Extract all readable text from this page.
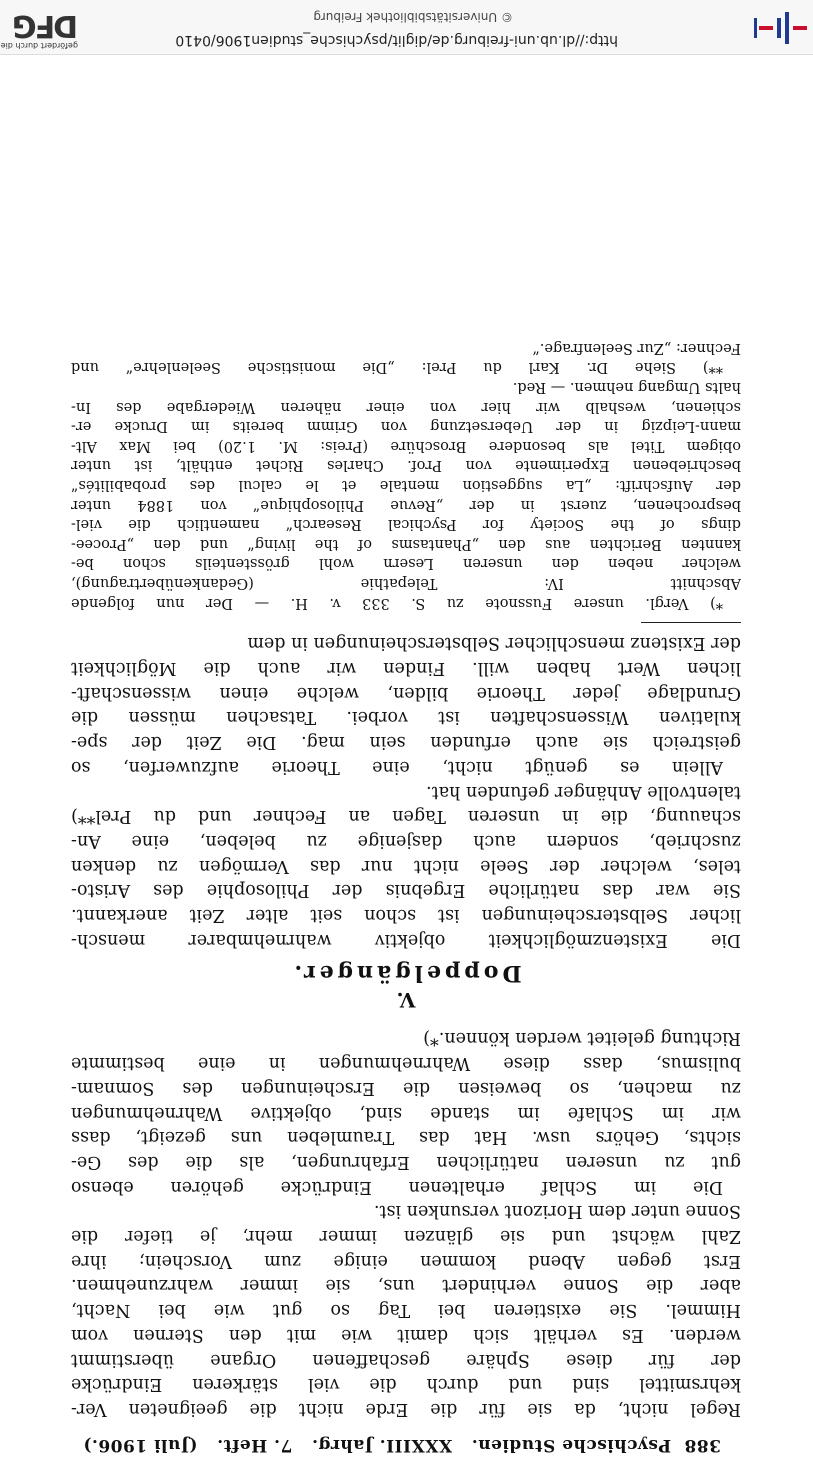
388  Psychische Studien.   XXXIII. Jahrg.   7. Heft.   (Juli 1906.)
Regel nicht, da sie für die Erde nicht die geeigneten Ver-
kehrsmittel sind und durch die viel stärkeren Eindrücke
der für diese Sphäre geschaffenen Organe überstimmt
werden. Es verhält sich damit wie mit den Sternen vom
Himmel. Sie existieren bei Tag so gut wie bei Nacht,
aber die Sonne verhindert uns, sie immer wahrzunehmen.
Erst gegen Abend kommen einige zum Vorschein; ihre
Zahl wächst und sie glänzen immer mehr, je tiefer die
Sonne unter dem Horizont versunken ist.
Die im Schlaf erhaltenen Eindrücke gehören ebenso
gut zu unseren natürlichen Erfahrungen, als die des Ge-
sichts, Gehörs usw. Hat das Traumleben uns gezeigt, dass
wir im Schlafe im stande sind, objektive Wahrnehmungen
zu machen, so beweisen die Erscheinungen des Somnam-
bulismus, dass diese Wahrnehmungen in eine bestimmte
Richtung geleitet werden können.*)
V.
Doppelgänger.
Die Existenzmöglichkeit objektiv wahrnehmbarer mensch-
licher Selbsterscheinungen ist schon seit alter Zeit anerkannt.
Sie war das natürliche Ergebnis der Philosophie des Aristo-
teles, welcher der Seele nicht nur das Vermögen zu denken
zuschrieb, sondern auch dasjenige zu beleben, eine An-
schauung, die in unseren Tagen an Fechner und du Prel**)
talentvolle Anhänger gefunden hat.
Allein es genügt nicht, eine Theorie aufzuwerfen, so
geistreich sie auch erfunden sein mag. Die Zeit der spe-
kulativen Wissenschaften ist vorbei. Tatsachen müssen die
Grundlage jeder Theorie bilden, welche einen wissenschaft-
lichen Wert haben will. Finden wir auch die Möglichkeit
der Existenz menschlicher Selbsterscheinungen in dem
*) Vergl. unsere Fussnote zu S. 333 v. H. — Der nun folgende
Abschnitt IV: Telepathie (Gedankenübertragung),
welcher neben den unseren Lesern wohl grösstenteils schon be-
kannten Berichten aus den „Phantasms of the living“ und den „Procee-
dings of the Society for Psychical Research“ namentlich die viel-
besprochenen, zuerst in der „Revue Philosophique“ von 1884 unter
der Aufschrift: „La suggestion mentale et le calcul des probabilités“
beschriebenen Experimente von Prof. Charles Richet enthält, ist unter
obigem Titel als besondere Broschüre (Preis: M. 1.20) bei Max Alt-
mann-Leipzig in der Uebersetzung von Grimm bereits im Drucke er-
schienen, weshalb wir hier von einer näheren Wiedergabe des In-
halts Umgang nehmen. — Red.
**) Siehe Dr. Karl du Prel: „Die monistische Seelenlehre“ und
Fechner: „Zur Seelenfrage.“
http://dl.ub.uni-freiburg.de/diglit/psychische_studien1906/0410
© Universitätsbibliothek Freiburg
gefördert durch die
DFG
